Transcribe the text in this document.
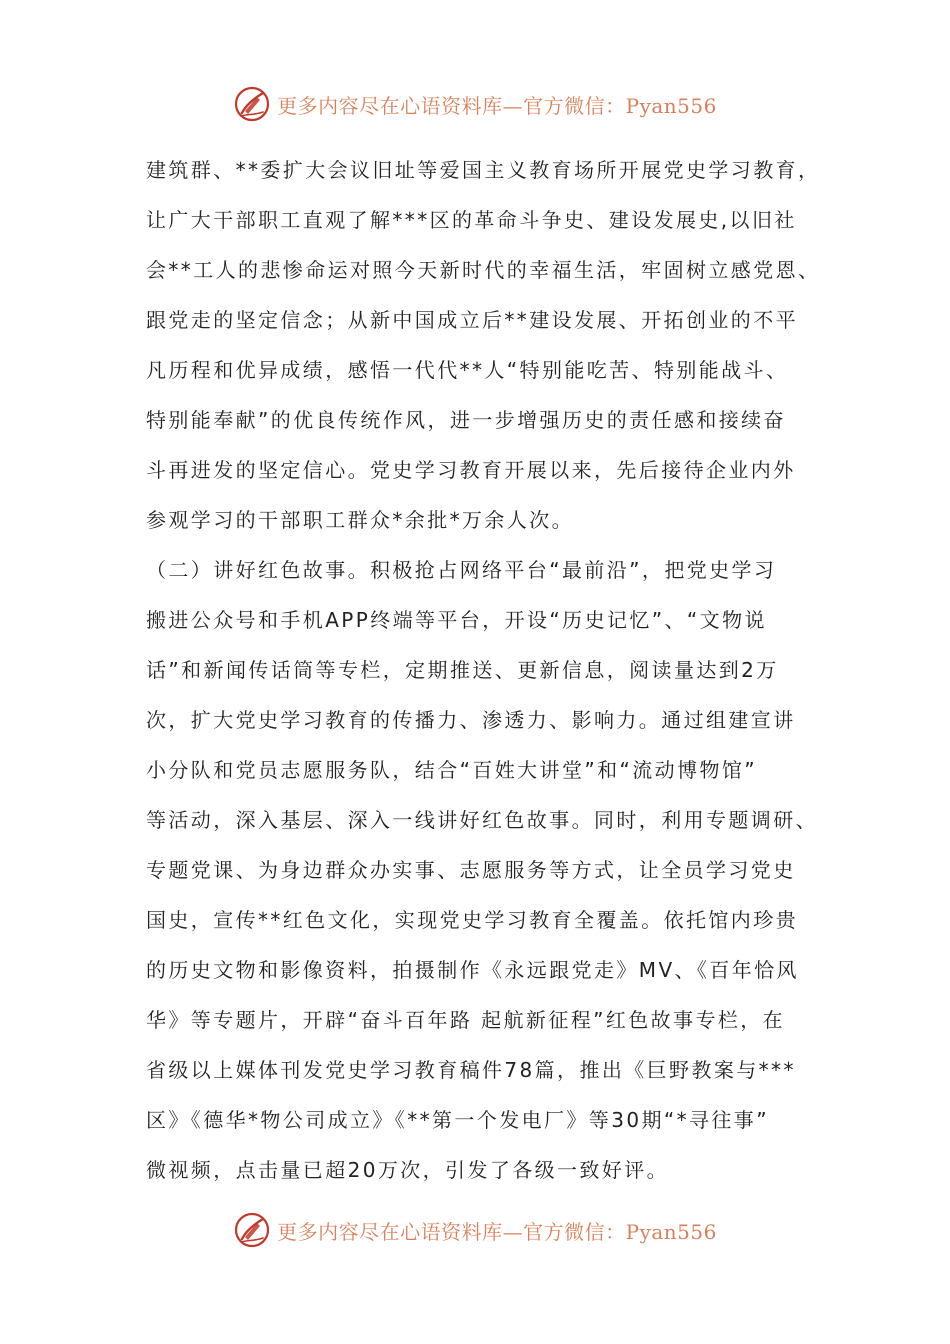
更多内容尽在心语资料库—官方微信：Pyan556
建筑群、**委扩大会议旧址等爱国主义教育场所开展党史学习教育，
让广大干部职工直观了解***区的革命斗争史、建设发展史,以旧社
会**工人的悲惨命运对照今天新时代的幸福生活，牢固树立感党恩、
跟党走的坚定信念；从新中国成立后**建设发展、开拓创业的不平
凡历程和优异成绩，感悟一代代**人“特别能吃苦、特别能战斗、
特别能奉献”的优良传统作风，进一步增强历史的责任感和接续奋
斗再进发的坚定信心。党史学习教育开展以来，先后接待企业内外
参观学习的干部职工群众*余批*万余人次。
（二）讲好红色故事。积极抢占网络平台“最前沿”，把党史学习
搬进公众号和手机APP终端等平台，开设“历史记忆”、“文物说
话”和新闻传话筒等专栏，定期推送、更新信息，阅读量达到2万
次，扩大党史学习教育的传播力、渗透力、影响力。通过组建宣讲
小分队和党员志愿服务队，结合“百姓大讲堂”和“流动博物馆”
等活动，深入基层、深入一线讲好红色故事。同时，利用专题调研、
专题党课、为身边群众办实事、志愿服务等方式，让全员学习党史
国史，宣传**红色文化，实现党史学习教育全覆盖。依托馆内珍贵
的历史文物和影像资料，拍摄制作《永远跟党走》MV、《百年恰风
华》等专题片，开辟“奋斗百年路 起航新征程”红色故事专栏，在
省级以上媒体刊发党史学习教育稿件78篇，推出《巨野教案与***
区》《德华*物公司成立》《**第一个发电厂》等30期“*寻往事”
微视频，点击量已超20万次，引发了各级一致好评。
更多内容尽在心语资料库—官方微信：Pyan556
